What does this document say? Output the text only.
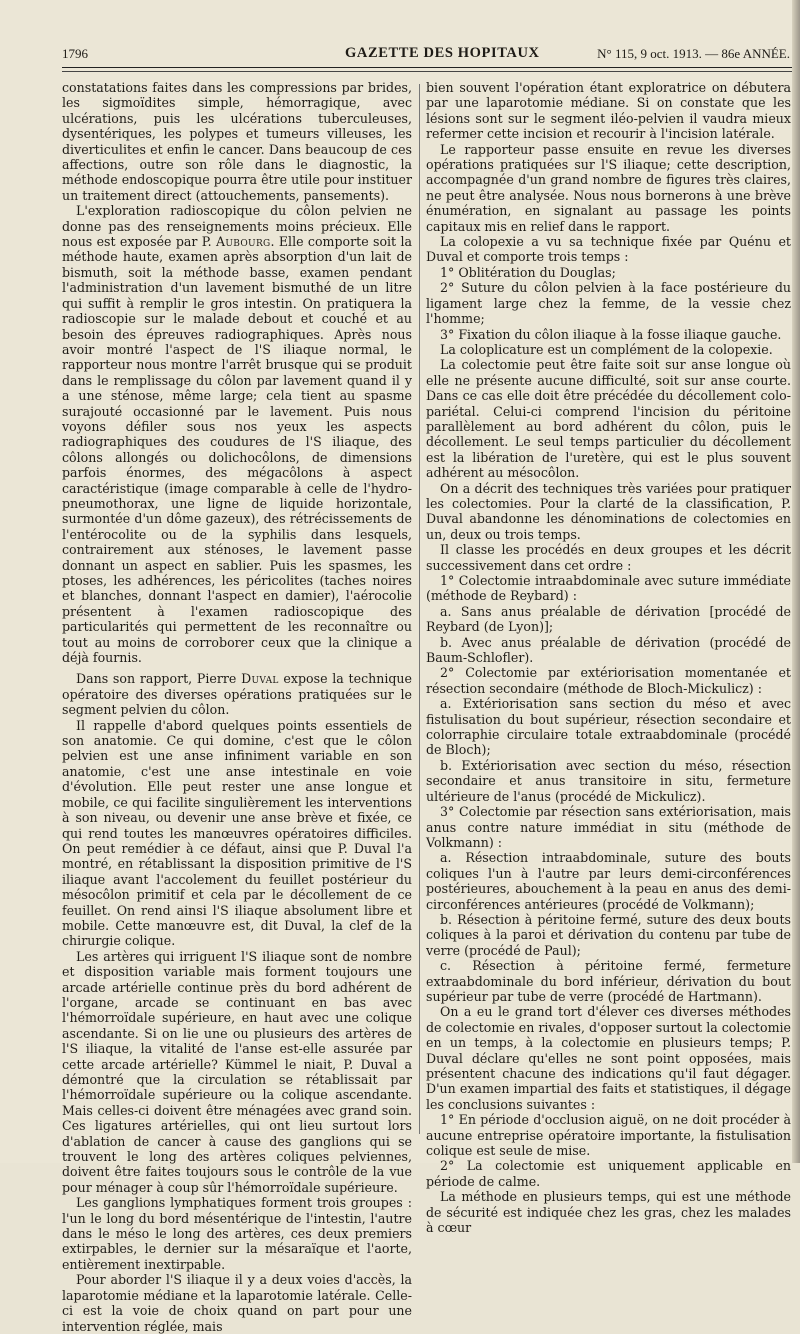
1796	GAZETTE DES HOPITAUX	N° 115, 9 oct. 1913. — 86e ANNÉE.

constatations faites dans les compressions par brides, les sigmoïdites simple, hémorragique, avec ulcérations, puis les ulcérations tuberculeuses, dysentériques, les polypes et tumeurs villeuses, les diverticulites et enfin le cancer. Dans beaucoup de ces affections, outre son rôle dans le diagnostic, la méthode endoscopique pourra être utile pour instituer un traitement direct (attouchements, pansements).

L'exploration radioscopique du côlon pelvien ne donne pas des renseignements moins précieux. Elle nous est exposée par P. Aubourg. Elle comporte soit la méthode haute, examen après absorption d'un lait de bismuth, soit la méthode basse, examen pendant l'administration d'un lavement bismuthé de un litre qui suffit à remplir le gros intestin. On pratiquera la radioscopie sur le malade debout et couché et au besoin des épreuves radiographiques. Après nous avoir montré l'aspect de l'S iliaque normal, le rapporteur nous montre l'arrêt brusque qui se produit dans le remplissage du côlon par lavement quand il y a une sténose, même large; cela tient au spasme surajouté occasionné par le lavement. Puis nous voyons défiler sous nos yeux les aspects radiographiques des coudures de l'S iliaque, des côlons allongés ou dolichocôlons, de dimensions parfois énormes, des mégacôlons à aspect caractéristique (image comparable à celle de l'hydro-pneumothorax, une ligne de liquide horizontale, surmontée d'un dôme gazeux), des rétrécissements de l'entérocolite ou de la syphilis dans lesquels, contrairement aux sténoses, le lavement passe donnant un aspect en sablier. Puis les spasmes, les ptoses, les adhérences, les péricolites (taches noires et blanches, donnant l'aspect en damier), l'aérocolie présentent à l'examen radioscopique des particularités qui permettent de les reconnaître ou tout au moins de corroborer ceux que la clinique a déjà fournis.

Dans son rapport, Pierre Duval expose la technique opératoire des diverses opérations pratiquées sur le segment pelvien du côlon.

Il rappelle d'abord quelques points essentiels de son anatomie. Ce qui domine, c'est que le côlon pelvien est une anse infiniment variable en son anatomie, c'est une anse intestinale en voie d'évolution. Elle peut rester une anse longue et mobile, ce qui facilite singulièrement les interventions à son niveau, ou devenir une anse brève et fixée, ce qui rend toutes les manœuvres opératoires difficiles. On peut remédier à ce défaut, ainsi que P. Duval l'a montré, en rétablissant la disposition primitive de l'S iliaque avant l'accolement du feuillet postérieur du mésocôlon primitif et cela par le décollement de ce feuillet. On rend ainsi l'S iliaque absolument libre et mobile. Cette manœuvre est, dit Duval, la clef de la chirurgie colique.

Les artères qui irriguent l'S iliaque sont de nombre et disposition variable mais forment toujours une arcade artérielle continue près du bord adhérent de l'organe, arcade se continuant en bas avec l'hémorroïdale supérieure, en haut avec une colique ascendante. Si on lie une ou plusieurs des artères de l'S iliaque, la vitalité de l'anse est-elle assurée par cette arcade artérielle? Kümmel le niait, P. Duval a démontré que la circulation se rétablissait par l'hémorroïdale supérieure ou la colique ascendante. Mais celles-ci doivent être ménagées avec grand soin. Ces ligatures artérielles, qui ont lieu surtout lors d'ablation de cancer à cause des ganglions qui se trouvent le long des artères coliques pelviennes, doivent être faites toujours sous le contrôle de la vue pour ménager à coup sûr l'hémorroïdale supérieure.

Les ganglions lymphatiques forment trois groupes : l'un le long du bord mésentérique de l'intestin, l'autre dans le méso le long des artères, ces deux premiers extirpables, le dernier sur la mésaraïque et l'aorte, entièrement inextirpable.

Pour aborder l'S iliaque il y a deux voies d'accès, la laparotomie médiane et la laparotomie latérale. Celle-ci est la voie de choix quand on part pour une intervention réglée, mais

bien souvent l'opération étant exploratrice on débutera par une laparotomie médiane. Si on constate que les lésions sont sur le segment iléo-pelvien il vaudra mieux refermer cette incision et recourir à l'incision latérale.

Le rapporteur passe ensuite en revue les diverses opérations pratiquées sur l'S iliaque; cette description, accompagnée d'un grand nombre de figures très claires, ne peut être analysée. Nous nous bornerons à une brève énumération, en signalant au passage les points capitaux mis en relief dans le rapport.

La colopexie a vu sa technique fixée par Quénu et Duval et comporte trois temps :

1° Oblitération du Douglas;

2° Suture du côlon pelvien à la face postérieure du ligament large chez la femme, de la vessie chez l'homme;

3° Fixation du côlon iliaque à la fosse iliaque gauche.

La coloplicature est un complément de la colopexie.

La colectomie peut être faite soit sur anse longue où elle ne présente aucune difficulté, soit sur anse courte. Dans ce cas elle doit être précédée du décollement colo-pariétal. Celui-ci comprend l'incision du péritoine parallèlement au bord adhérent du côlon, puis le décollement. Le seul temps particulier du décollement est la libération de l'uretère, qui est le plus souvent adhérent au mésocôlon.

On a décrit des techniques très variées pour pratiquer les colectomies. Pour la clarté de la classification, P. Duval abandonne les dénominations de colectomies en un, deux ou trois temps.

Il classe les procédés en deux groupes et les décrit successivement dans cet ordre :

1° Colectomie intraabdominale avec suture immédiate (méthode de Reybard) :

a. Sans anus préalable de dérivation [procédé de Reybard (de Lyon)];

b. Avec anus préalable de dérivation (procédé de Baum-Schlofler).

2° Colectomie par extériorisation momentanée et résection secondaire (méthode de Bloch-Mickulicz) :

a. Extériorisation sans section du méso et avec fistulisation du bout supérieur, résection secondaire et colorraphie circulaire totale extraabdominale (procédé de Bloch);

b. Extériorisation avec section du méso, résection secondaire et anus transitoire in situ, fermeture ultérieure de l'anus (procédé de Mickulicz).

3° Colectomie par résection sans extériorisation, mais anus contre nature immédiat in situ (méthode de Volkmann) :

a. Résection intraabdominale, suture des bouts coliques l'un à l'autre par leurs demi-circonférences postérieures, abouchement à la peau en anus des demi-circonférences antérieures (procédé de Volkmann);

b. Résection à péritoine fermé, suture des deux bouts coliques à la paroi et dérivation du contenu par tube de verre (procédé de Paul);

c. Résection à péritoine fermé, fermeture extraabdominale du bord inférieur, dérivation du bout supérieur par tube de verre (procédé de Hartmann).

On a eu le grand tort d'élever ces diverses méthodes de colectomie en rivales, d'opposer surtout la colectomie en un temps, à la colectomie en plusieurs temps; P. Duval déclare qu'elles ne sont point opposées, mais présentent chacune des indications qu'il faut dégager. D'un examen impartial des faits et statistiques, il dégage les conclusions suivantes :

1° En période d'occlusion aiguë, on ne doit procéder à aucune entreprise opératoire importante, la fistulisation colique est seule de mise.

2° La colectomie est uniquement applicable en période de calme.

La méthode en plusieurs temps, qui est une méthode de sécurité est indiquée chez les gras, chez les malades à cœur
